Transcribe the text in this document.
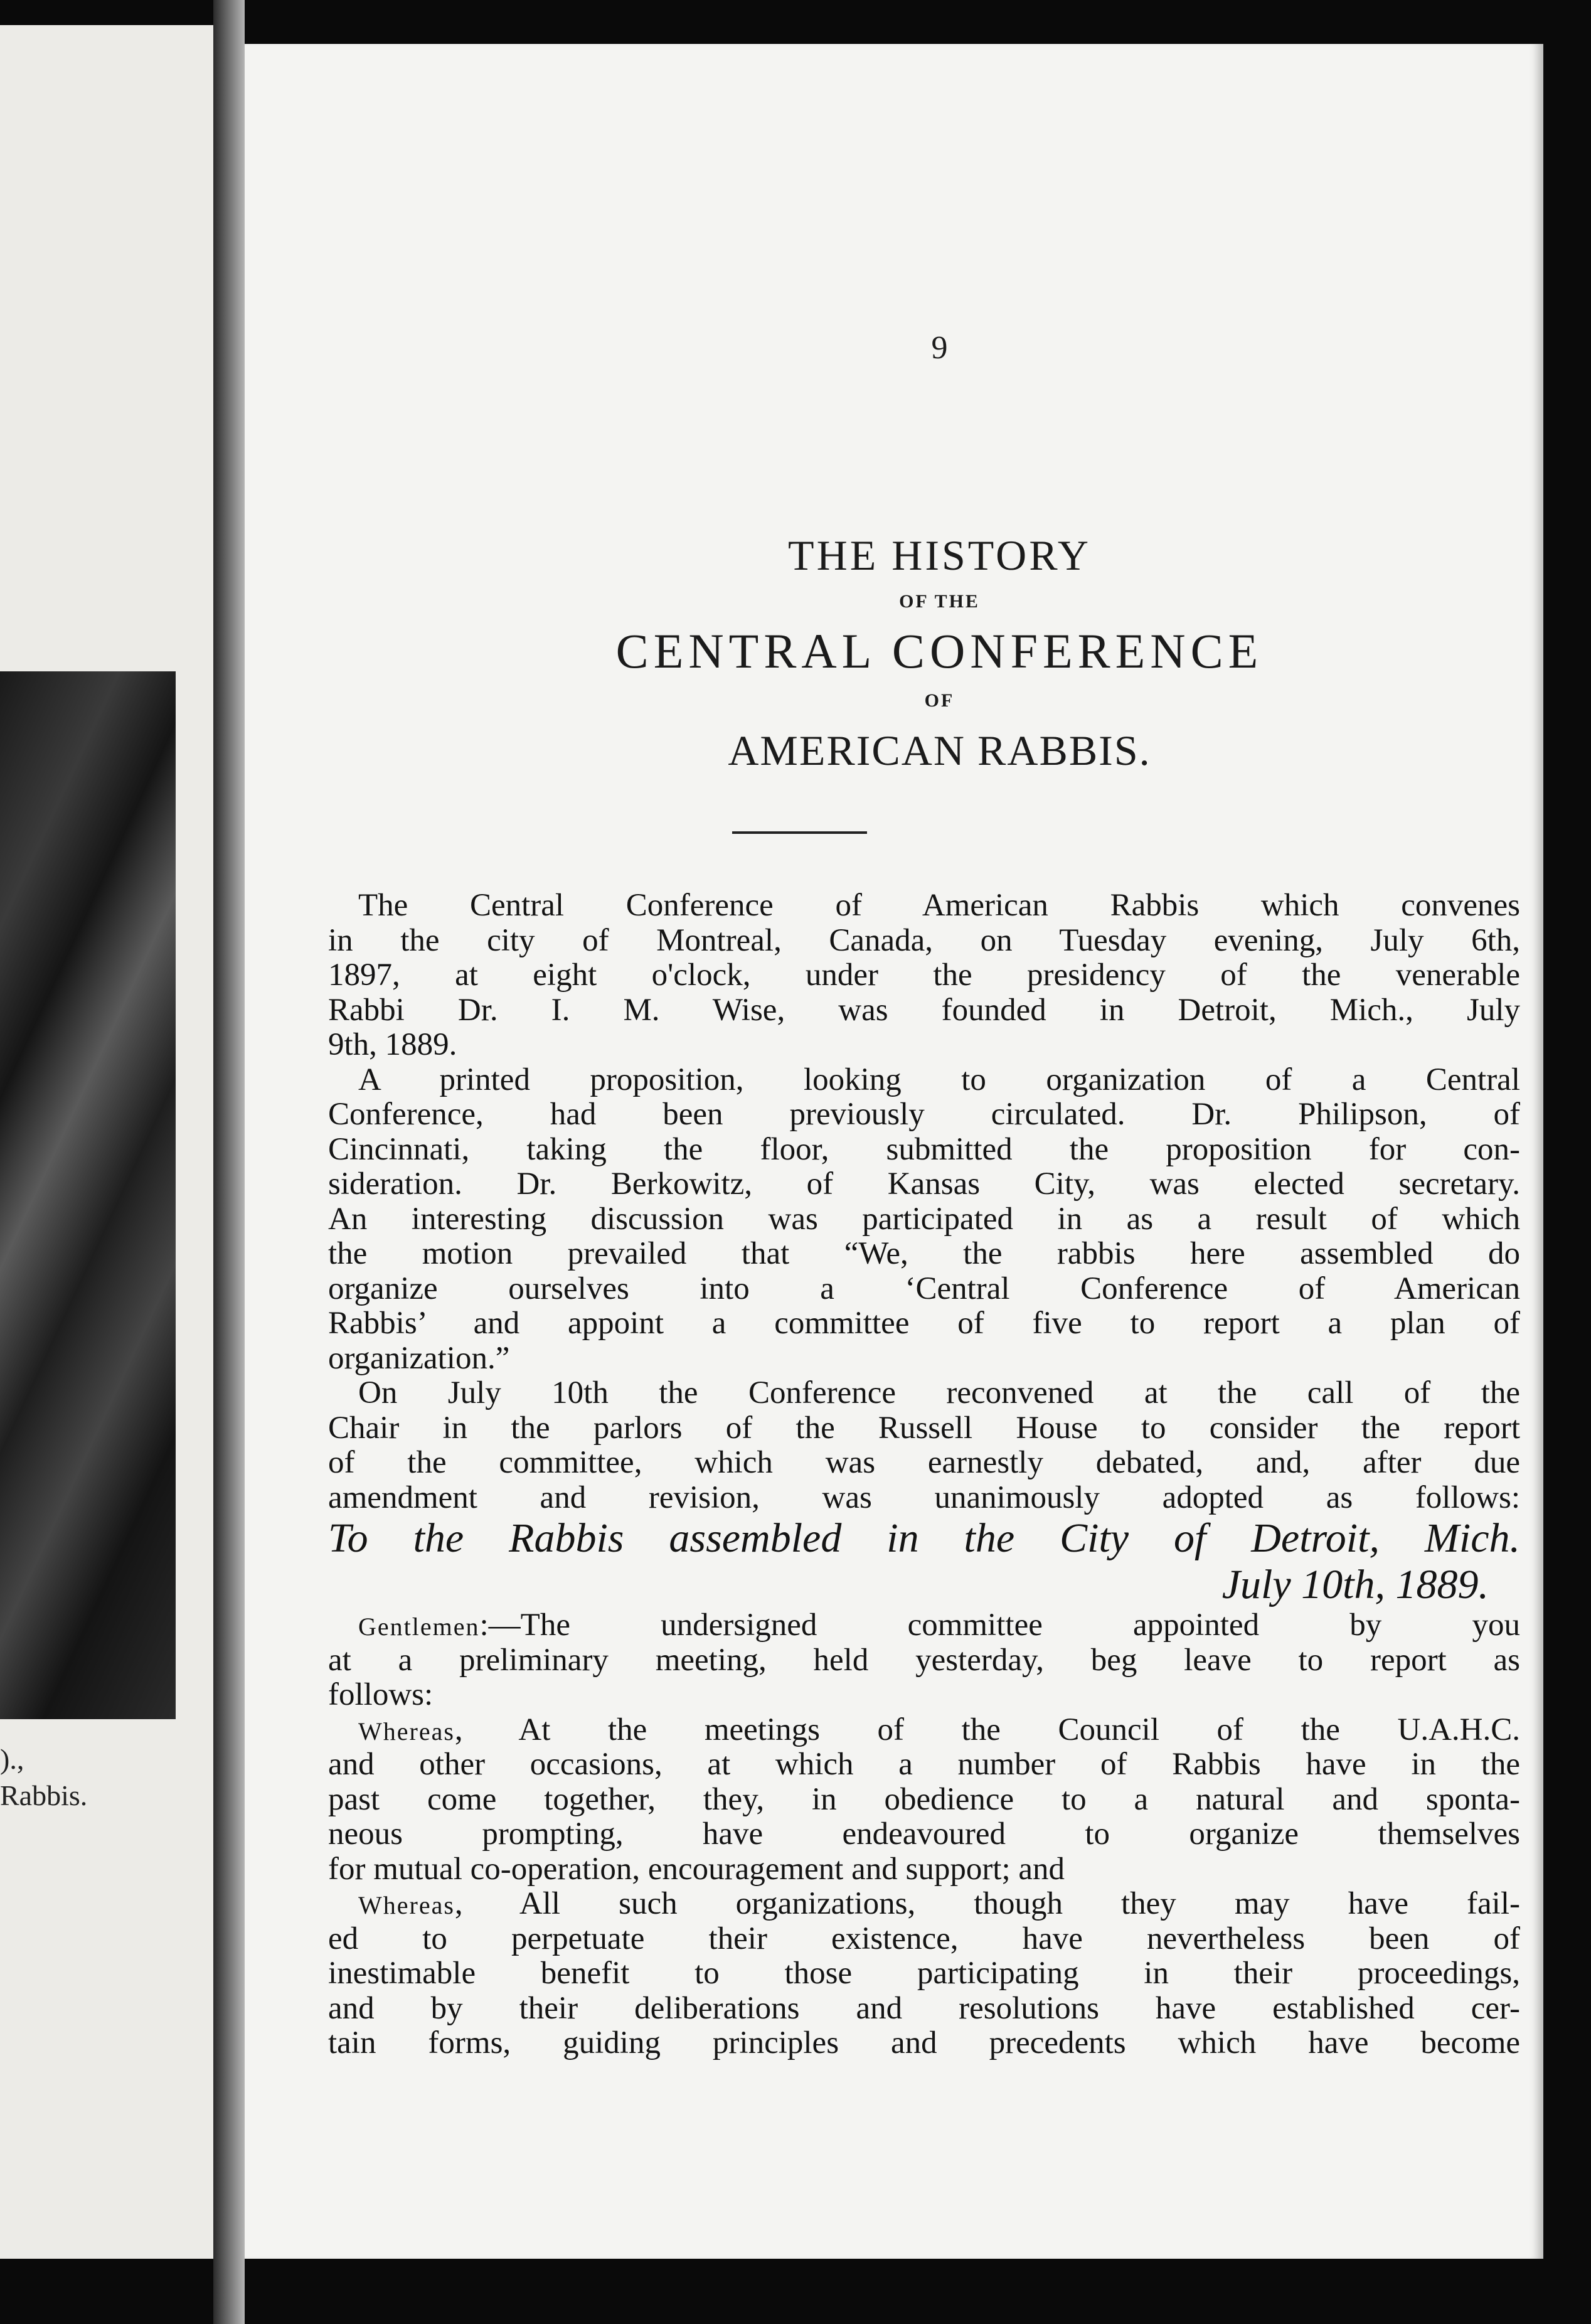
).,
Rabbis.
9
THE HISTORY
OF THE
CENTRAL CONFERENCE
OF
AMERICAN RABBIS.
The Central Conference of American Rabbis which convenes
in the city of Montreal, Canada, on Tuesday evening, July 6th,
1897, at eight o'clock, under the presidency of the venerable
Rabbi Dr. I. M. Wise, was founded in Detroit, Mich., July
9th, 1889.
A printed proposition, looking to organization of a Central
Conference, had been previously circulated. Dr. Philipson, of
Cincinnati, taking the floor, submitted the proposition for con-
sideration. Dr. Berkowitz, of Kansas City, was elected secretary.
An interesting discussion was participated in as a result of which
the motion prevailed that “We, the rabbis here assembled do
organize ourselves into a ‘Central Conference of American
Rabbis’ and appoint a committee of five to report a plan of
organization.”
On July 10th the Conference reconvened at the call of the
Chair in the parlors of the Russell House to consider the report
of the committee, which was earnestly debated, and, after due
amendment and revision, was unanimously adopted as follows:
To the Rabbis assembled in the City of Detroit, Mich.
July 10th, 1889.
Gentlemen:—The undersigned committee appointed by you
at a preliminary meeting, held yesterday, beg leave to report as
follows:
Whereas, At the meetings of the Council of the U.A.H.C.
and other occasions, at which a number of Rabbis have in the
past come together, they, in obedience to a natural and sponta-
neous prompting, have endeavoured to organize themselves
for mutual co-operation, encouragement and support; and
Whereas, All such organizations, though they may have fail-
ed to perpetuate their existence, have nevertheless been of
inestimable benefit to those participating in their proceedings,
and by their deliberations and resolutions have established cer-
tain forms, guiding principles and precedents which have become
